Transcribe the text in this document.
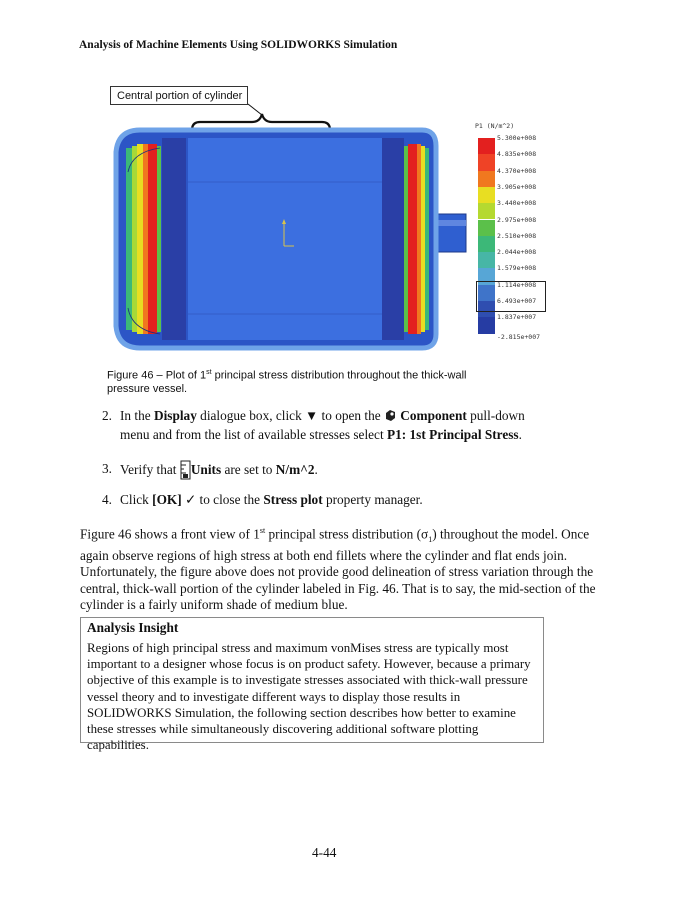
Analysis of Machine Elements Using SOLIDWORKS Simulation
Central portion of cylinder
P1 (N/m^2)
5.300e+008
4.835e+008
4.370e+008
3.905e+008
3.440e+008
2.975e+008
2.510e+008
2.044e+008
1.579e+008
1.114e+008
6.493e+007
1.837e+007
-2.815e+007
Figure 46 – Plot of 1st principal stress distribution throughout the thick-wall pressure vessel.
2. In the Display dialogue box, click ▼ to open the  Component pull-down
menu and from the list of available stresses select P1: 1st Principal Stress.
3. Verify that Units are set to N/m^2.
4. Click [OK] ✓ to close the Stress plot property manager.
Figure 46 shows a front view of 1st principal stress distribution $(\sigma_1)$ throughout the model. Once again observe regions of high stress at both end fillets where the cylinder and flat ends join. Unfortunately, the figure above does not provide good delineation of stress variation through the central, thick-wall portion of the cylinder labeled in Fig. 46. That is to say, the mid-section of the cylinder is a fairly uniform shade of medium blue.
Analysis Insight
Regions of high principal stress and maximum vonMises stress are typically most important to a designer whose focus is on product safety. However, because a primary objective of this example is to investigate stresses associated with thick-wall pressure vessel theory and to investigate different ways to display those results in SOLIDWORKS Simulation, the following section describes how better to examine these stresses while simultaneously discovering additional software plotting capabilities.
4-44
